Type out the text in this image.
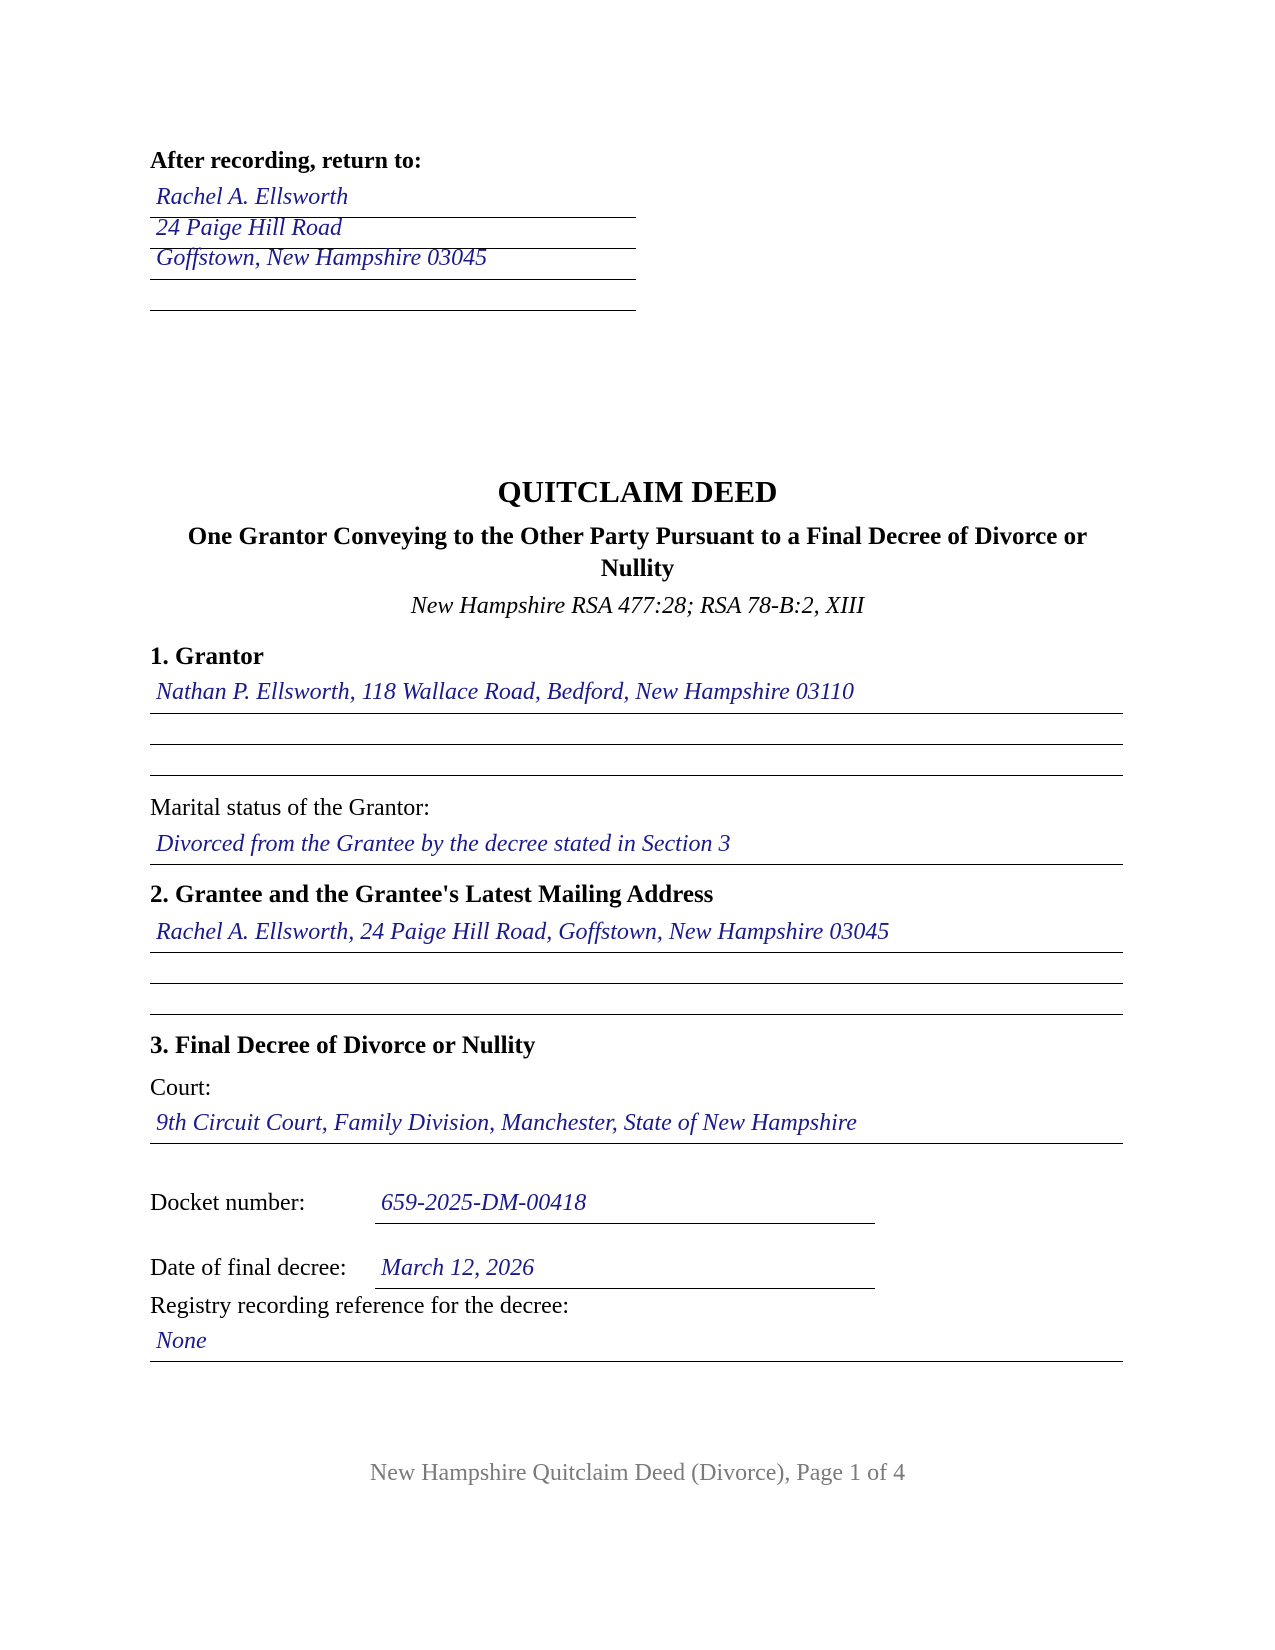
After recording, return to:
Rachel A. Ellsworth
24 Paige Hill Road
Goffstown, New Hampshire 03045
QUITCLAIM DEED
One Grantor Conveying to the Other Party Pursuant to a Final Decree of Divorce or
Nullity
New Hampshire RSA 477:28; RSA 78-B:2, XIII
1. Grantor
Nathan P. Ellsworth, 118 Wallace Road, Bedford, New Hampshire 03110
Marital status of the Grantor:
Divorced from the Grantee by the decree stated in Section 3
2. Grantee and the Grantee's Latest Mailing Address
Rachel A. Ellsworth, 24 Paige Hill Road, Goffstown, New Hampshire 03045
3. Final Decree of Divorce or Nullity
Court:
9th Circuit Court, Family Division, Manchester, State of New Hampshire
Docket number:	659-2025-DM-00418
Date of final decree: March 12, 2026
Registry recording reference for the decree:
None
New Hampshire Quitclaim Deed (Divorce), Page 1 of 4
